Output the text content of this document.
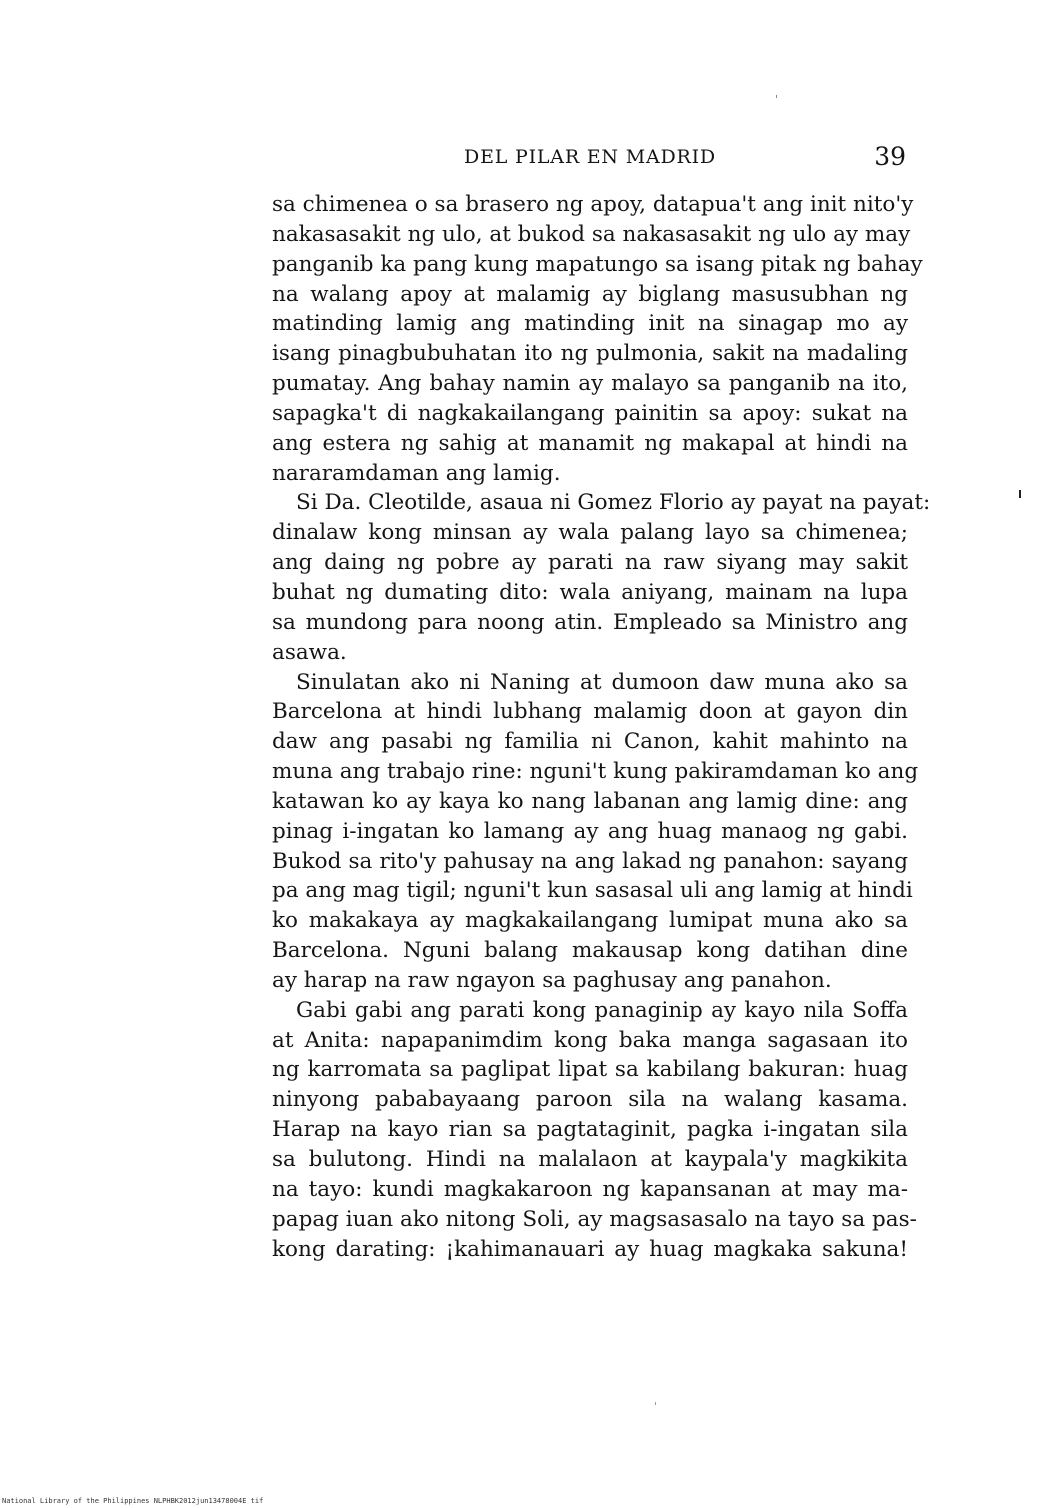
DEL PILAR EN MADRID	39
sa chimenea o sa brasero ng apoy, datapua't ang init nito'y
nakasasakit ng ulo, at bukod sa nakasasakit ng ulo ay may
panganib ka pang kung mapatungo sa isang pitak ng bahay
na walang apoy at malamig ay biglang masusubhan ng
matinding lamig ang matinding init na sinagap mo ay
isang pinagbubuhatan ito ng pulmonia, sakit na madaling
pumatay. Ang bahay namin ay malayo sa panganib na ito,
sapagka't di nagkakailangang painitin sa apoy: sukat na
ang estera ng sahig at manamit ng makapal at hindi na
nararamdaman ang lamig.
Si Da. Cleotilde, asaua ni Gomez Florio ay payat na payat:
dinalaw kong minsan ay wala palang layo sa chimenea;
ang daing ng pobre ay parati na raw siyang may sakit
buhat ng dumating dito: wala aniyang, mainam na lupa
sa mundong para noong atin. Empleado sa Ministro ang
asawa.
Sinulatan ako ni Naning at dumoon daw muna ako sa
Barcelona at hindi lubhang malamig doon at gayon din
daw ang pasabi ng familia ni Canon, kahit mahinto na
muna ang trabajo rine: nguni't kung pakiramdaman ko ang
katawan ko ay kaya ko nang labanan ang lamig dine: ang
pinag i-ingatan ko lamang ay ang huag manaog ng gabi.
Bukod sa rito'y pahusay na ang lakad ng panahon: sayang
pa ang mag tigil; nguni't kun sasasal uli ang lamig at hindi
ko makakaya ay magkakailangang lumipat muna ako sa
Barcelona. Nguni balang makausap kong datihan dine
ay harap na raw ngayon sa paghusay ang panahon.
Gabi gabi ang parati kong panaginip ay kayo nila Soffa
at Anita: napapanimdim kong baka manga sagasaan ito
ng karromata sa paglipat lipat sa kabilang bakuran: huag
ninyong pababayaang paroon sila na walang kasama.
Harap na kayo rian sa pagtataginit, pagka i-ingatan sila
sa bulutong. Hindi na malalaon at kaypala'y magkikita
na tayo: kundi magkakaroon ng kapansanan at may ma-
papag iuan ako nitong Soli, ay magsasasalo na tayo sa pas-
kong darating: ¡kahimanauari ay huag magkaka sakuna!
National Library of the Philippines NLPHBK2012jun13478004E tif
